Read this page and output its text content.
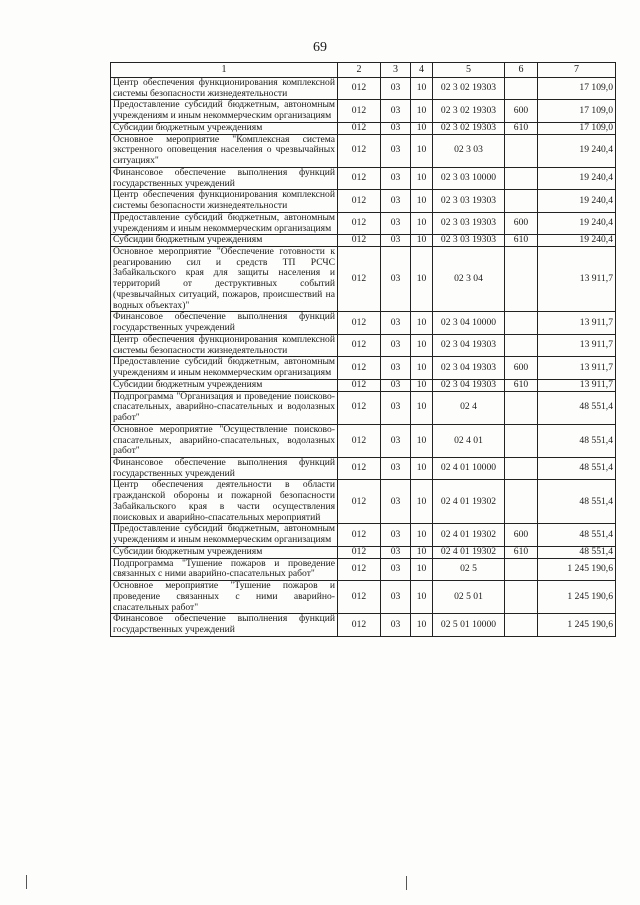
69
1	2	3	4	5	6	7
Центр обеспечения функционирования комплексной системы безопасности жизнедеятельности	012	03	10	02 3 02 19303		17 109,0
Предоставление субсидий бюджетным, автономным учреждениям и иным некоммерческим организациям	012	03	10	02 3 02 19303	600	17 109,0
Субсидии бюджетным учреждениям	012	03	10	02 3 02 19303	610	17 109,0
Основное мероприятие "Комплексная система экстренного оповещения населения о чрезвычайных ситуациях"	012	03	10	02 3 03		19 240,4
Финансовое обеспечение выполнения функций государственных учреждений	012	03	10	02 3 03 10000		19 240,4
Центр обеспечения функционирования комплексной системы безопасности жизнедеятельности	012	03	10	02 3 03 19303		19 240,4
Предоставление субсидий бюджетным, автономным учреждениям и иным некоммерческим организациям	012	03	10	02 3 03 19303	600	19 240,4
Субсидии бюджетным учреждениям	012	03	10	02 3 03 19303	610	19 240,4
Основное мероприятие "Обеспечение готовности к реагированию сил и средств ТП РСЧС Забайкальского края для защиты населения и территорий от деструктивных событий (чрезвычайных ситуаций, пожаров, происшествий на водных объектах)"	012	03	10	02 3 04		13 911,7
Финансовое обеспечение выполнения функций государственных учреждений	012	03	10	02 3 04 10000		13 911,7
Центр обеспечения функционирования комплексной системы безопасности жизнедеятельности	012	03	10	02 3 04 19303		13 911,7
Предоставление субсидий бюджетным, автономным учреждениям и иным некоммерческим организациям	012	03	10	02 3 04 19303	600	13 911,7
Субсидии бюджетным учреждениям	012	03	10	02 3 04 19303	610	13 911,7
Подпрограмма "Организация и проведение поисково-спасательных, аварийно-спасательных и водолазных работ"	012	03	10	02 4		48 551,4
Основное мероприятие "Осуществление поисково-спасательных, аварийно-спасательных, водолазных работ"	012	03	10	02 4 01		48 551,4
Финансовое обеспечение выполнения функций государственных учреждений	012	03	10	02 4 01 10000		48 551,4
Центр обеспечения деятельности в области гражданской обороны и пожарной безопасности Забайкальского края в части осуществления поисковых и аварийно-спасательных мероприятий	012	03	10	02 4 01 19302		48 551,4
Предоставление субсидий бюджетным, автономным учреждениям и иным некоммерческим организациям	012	03	10	02 4 01 19302	600	48 551,4
Субсидии бюджетным учреждениям	012	03	10	02 4 01 19302	610	48 551,4
Подпрограмма "Тушение пожаров и проведение связанных с ними аварийно-спасательных работ"	012	03	10	02 5		1 245 190,6
Основное мероприятие "Тушение пожаров и проведение связанных с ними аварийно-спасательных работ"	012	03	10	02 5 01		1 245 190,6
Финансовое обеспечение выполнения функций государственных учреждений	012	03	10	02 5 01 10000		1 245 190,6
